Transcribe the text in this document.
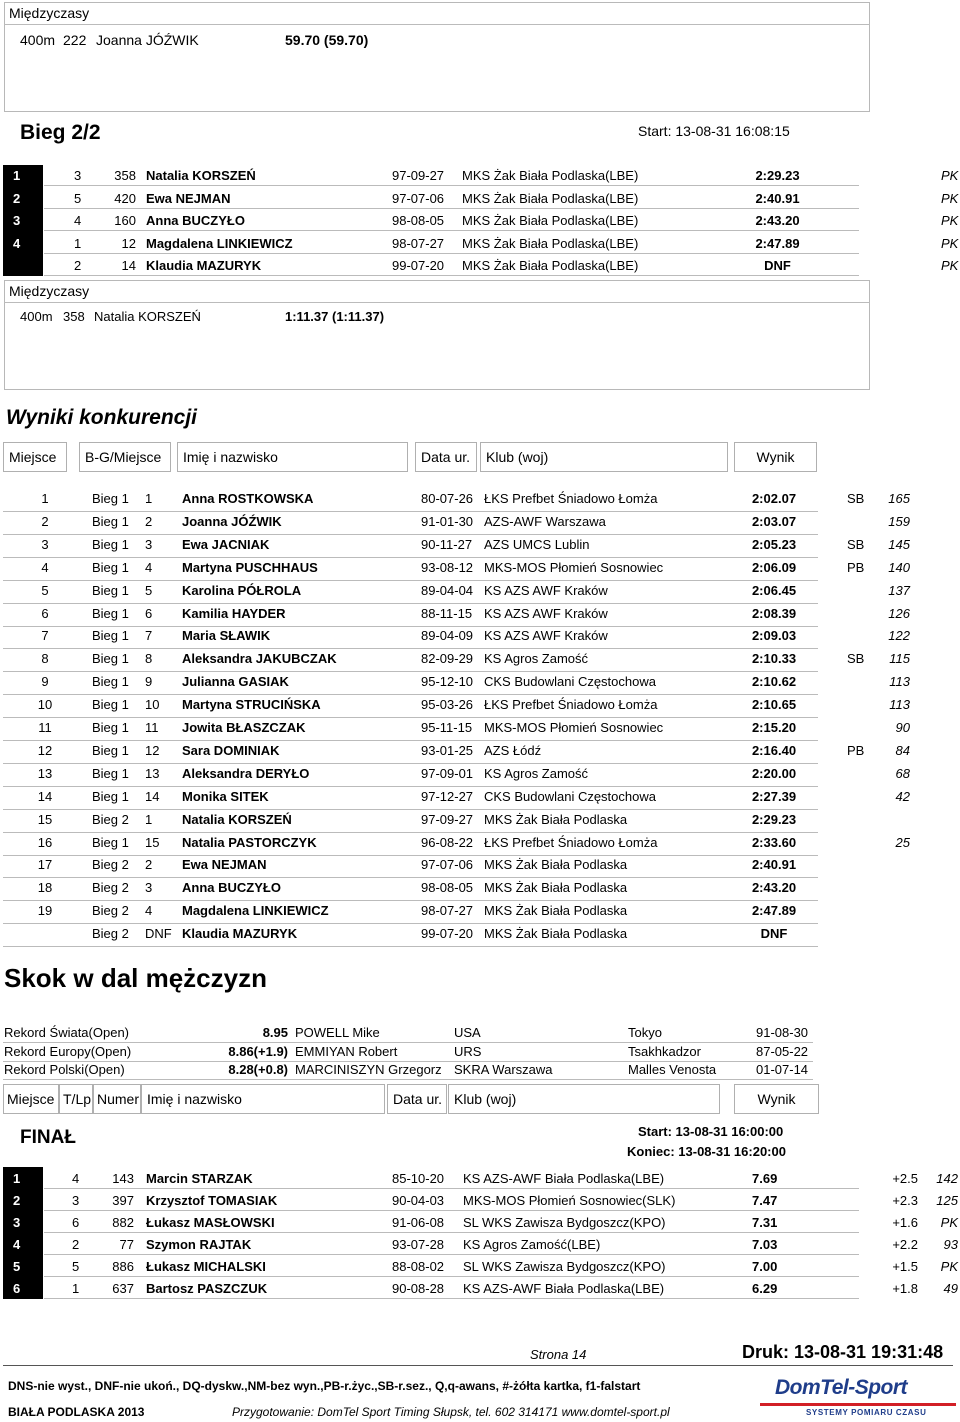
Międzyczasy
400m 222 Joanna JÓŹWIK	59.70 (59.70)
Bieg 2/2	Start: 13-08-31 16:08:15
1	3	358 Natalia KORSZEŃ	97-09-27 MKS Żak Biała Podlaska(LBE)	2:29.23	PK
2	5	420 Ewa NEJMAN	97-07-06 MKS Żak Biała Podlaska(LBE)	2:40.91	PK
3	4	160 Anna BUCZYŁO	98-08-05 MKS Żak Biała Podlaska(LBE)	2:43.20	PK
4	1	12 Magdalena LINKIEWICZ	98-07-27 MKS Żak Biała Podlaska(LBE)	2:47.89	PK
2	14 Klaudia MAZURYK	99-07-20 MKS Żak Biała Podlaska(LBE)	DNF	PK
Międzyczasy
400m 358 Natalia KORSZEŃ	1:11.37 (1:11.37)
Wyniki konkurencji
Miejsce	B-G/Miejsce	Imię i nazwisko	Data ur.	Klub (woj)	Wynik
1	Bieg 1 1 Anna ROSTKOWSKA	80-07-26 ŁKS Prefbet Śniadowo Łomża	2:02.07	SB	165
2	Bieg 1 2 Joanna JÓŹWIK	91-01-30 AZS-AWF Warszawa	2:03.07	159
3	Bieg 1 3 Ewa JACNIAK	90-11-27 AZS UMCS Lublin	2:05.23	SB	145
4	Bieg 1 4 Martyna PUSCHHAUS	93-08-12 MKS-MOS Płomień Sosnowiec	2:06.09	PB	140
5	Bieg 1 5 Karolina PÓŁROLA	89-04-04 KS AZS AWF Kraków	2:06.45	137
6	Bieg 1 6 Kamilia HAYDER	88-11-15 KS AZS AWF Kraków	2:08.39	126
7	Bieg 1 7 Maria SŁAWIK	89-04-09 KS AZS AWF Kraków	2:09.03	122
8	Bieg 1 8 Aleksandra JAKUBCZAK	82-09-29 KS Agros Zamość	2:10.33	SB	115
9	Bieg 1 9 Julianna GASIAK	95-12-10 CKS Budowlani Częstochowa	2:10.62	113
10	Bieg 1 10 Martyna STRUCIŃSKA	95-03-26 ŁKS Prefbet Śniadowo Łomża	2:10.65	113
11	Bieg 1 11 Jowita BŁASZCZAK	95-11-15 MKS-MOS Płomień Sosnowiec	2:15.20	90
12	Bieg 1 12 Sara DOMINIAK	93-01-25 AZS Łódź	2:16.40	PB	84
13	Bieg 1 13 Aleksandra DERYŁO	97-09-01 KS Agros Zamość	2:20.00	68
14	Bieg 1 14 Monika SITEK	97-12-27 CKS Budowlani Częstochowa	2:27.39	42
15	Bieg 2 1 Natalia KORSZEŃ	97-09-27 MKS Żak Biała Podlaska	2:29.23
16	Bieg 1 15 Natalia PASTORCZYK	96-08-22 ŁKS Prefbet Śniadowo Łomża	2:33.60	25
17	Bieg 2 2 Ewa NEJMAN	97-07-06 MKS Żak Biała Podlaska	2:40.91
18	Bieg 2 3 Anna BUCZYŁO	98-08-05 MKS Żak Biała Podlaska	2:43.20
19	Bieg 2 4 Magdalena LINKIEWICZ	98-07-27 MKS Żak Biała Podlaska	2:47.89
Bieg 2 DNF Klaudia MAZURYK	99-07-20 MKS Żak Biała Podlaska	DNF
Skok w dal mężczyzn
Rekord Świata(Open)	8.95 POWELL Mike	USA	Tokyo	91-08-30
Rekord Europy(Open)	8.86(+1.9) EMMIYAN Robert	URS	Tsakhkadzor	87-05-22
Rekord Polski(Open)	8.28(+0.8) MARCINISZYN Grzegorz SKRA Warszawa	Malles Venosta	01-07-14
Miejsce T/Lp Numer Imię i nazwisko	Data ur. Klub (woj)	Wynik
FINAŁ	Start: 13-08-31 16:00:00
Koniec: 13-08-31 16:20:00
1	4	143 Marcin STARZAK	85-10-20 KS AZS-AWF Biała Podlaska(LBE)	7.69	+2.5	142
2	3	397 Krzysztof TOMASIAK	90-04-03 MKS-MOS Płomień Sosnowiec(SLK)	7.47	+2.3	125
3	6	882 Łukasz MASŁOWSKI	91-06-08 SL WKS Zawisza Bydgoszcz(KPO)	7.31	+1.6	PK
4	2	77 Szymon RAJTAK	93-07-28 KS Agros Zamość(LBE)	7.03	+2.2	93
5	5	886 Łukasz MICHALSKI	88-08-02 SL WKS Zawisza Bydgoszcz(KPO)	7.00	+1.5	PK
6	1	637 Bartosz PASZCZUK	90-08-28 KS AZS-AWF Biała Podlaska(LBE)	6.29	+1.8	49
Strona 14	Druk: 13-08-31 19:31:48
DNS-nie wyst., DNF-nie ukoń., DQ-dyskw.,NM-bez wyn.,PB-r.życ.,SB-r.sez., Q,q-awans, #-żółta kartka, f1-falstart
BIAŁA PODLASKA 2013	Przygotowanie: DomTel Sport Timing Słupsk, tel. 602 314171 www.domtel-sport.pl
DomTel-Sport
SYSTEMY POMIARU CZASU
